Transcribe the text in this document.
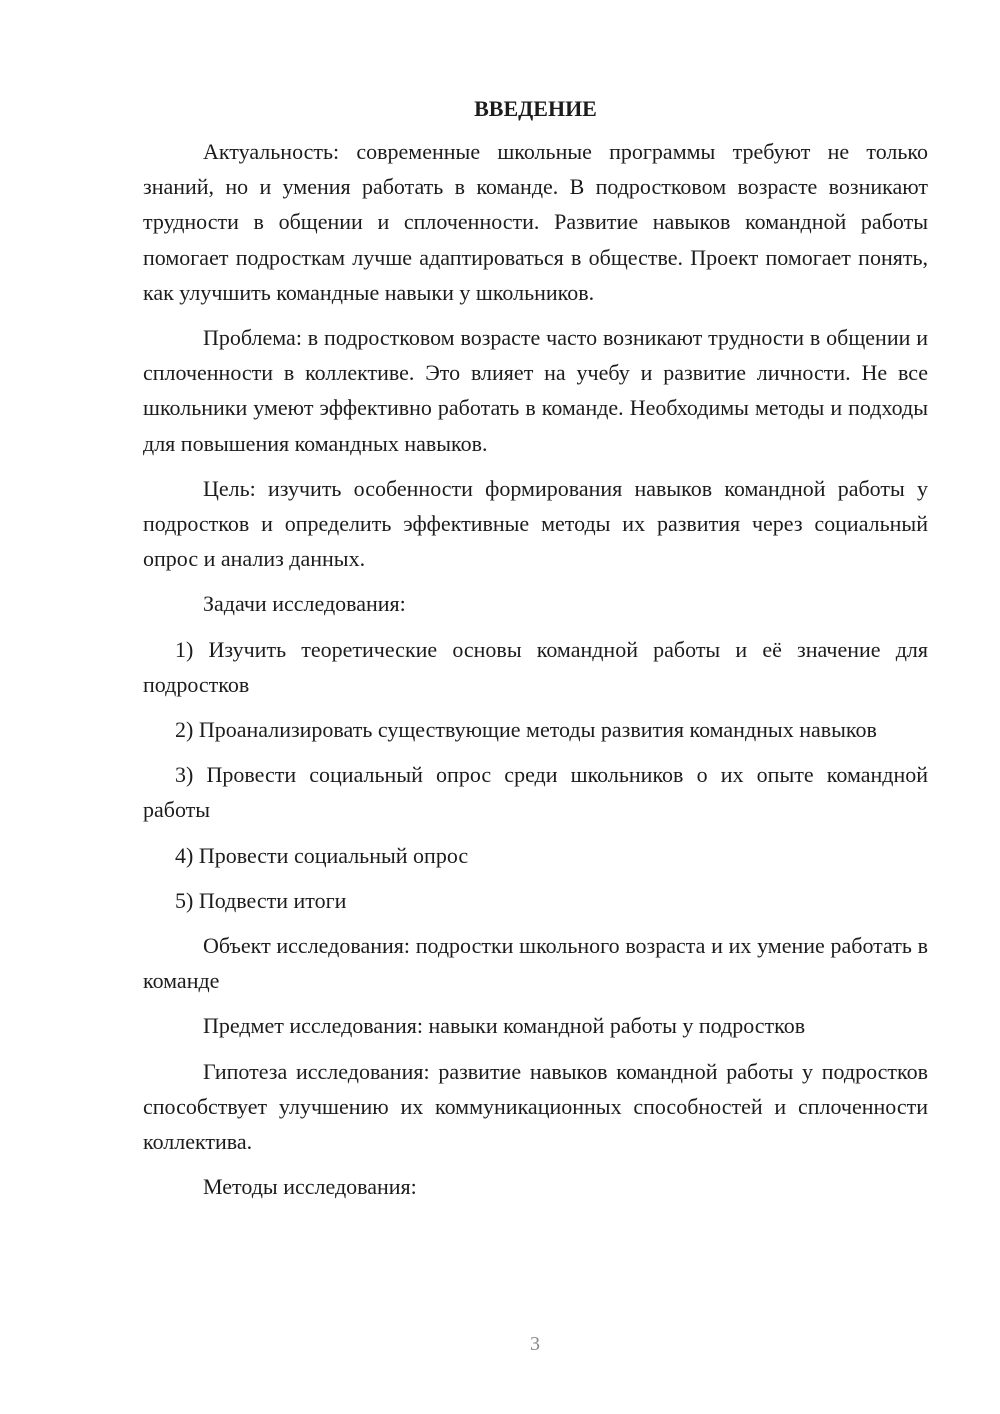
ВВЕДЕНИЕ

Актуальность: современные школьные программы требуют не только знаний, но и умения работать в команде. В подростковом возрасте возникают трудности в общении и сплоченности. Развитие навыков командной работы помогает подросткам лучше адаптироваться в обществе. Проект помогает понять, как улучшить командные навыки у школьников.

Проблема: в подростковом возрасте часто возникают трудности в общении и сплоченности в коллективе. Это влияет на учебу и развитие личности. Не все школьники умеют эффективно работать в команде. Необходимы методы и подходы для повышения командных навыков.

Цель: изучить особенности формирования навыков командной работы у подростков и определить эффективные методы их развития через социальный опрос и анализ данных.

Задачи исследования:

1) Изучить теоретические основы командной работы и её значение для подростков

2) Проанализировать существующие методы развития командных навыков

3) Провести социальный опрос среди школьников о их опыте командной работы

4) Провести социальный опрос

5) Подвести итоги

Объект исследования: подростки школьного возраста и их умение работать в команде

Предмет исследования: навыки командной работы у подростков

Гипотеза исследования: развитие навыков командной работы у подростков способствует улучшению их коммуникационных способностей и сплоченности коллектива.

Методы исследования:

3
